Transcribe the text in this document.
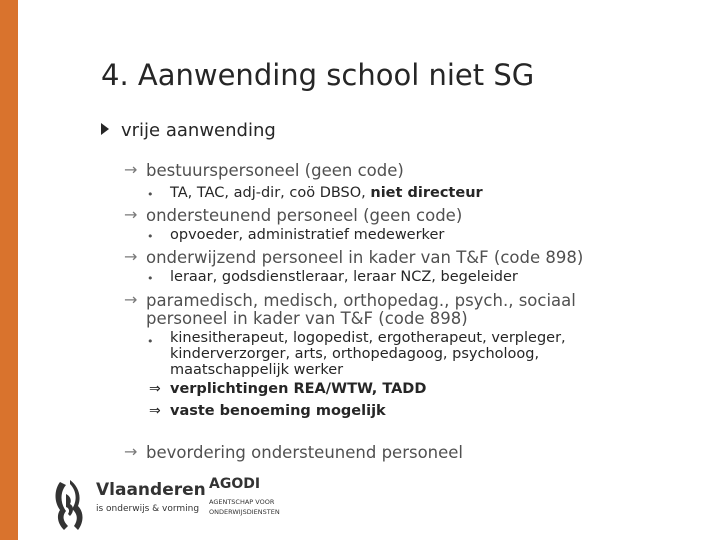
4. Aanwending school niet SG
vrije aanwending
→ bestuurspersoneel (geen code)
• TA, TAC, adj-dir, coö DBSO, niet directeur
→ ondersteunend personeel (geen code)
• opvoeder, administratief medewerker
→ onderwijzend personeel in kader van T&F (code 898)
• leraar, godsdienstleraar, leraar NCZ, begeleider
→ paramedisch, medisch, orthopedag., psych., sociaal
personeel in kader van T&F (code 898)
• kinesitherapeut, logopedist, ergotherapeut, verpleger,
kinderverzorger, arts, orthopedagoog, psycholoog,
maatschappelijk werker
⇒ verplichtingen REA/WTW, TADD
⇒ vaste benoeming mogelijk
→ bevordering ondersteunend personeel
Vlaanderen
is onderwijs & vorming
AGODI
AGENTSCHAP VOOR
ONDERWIJSDIENSTEN
